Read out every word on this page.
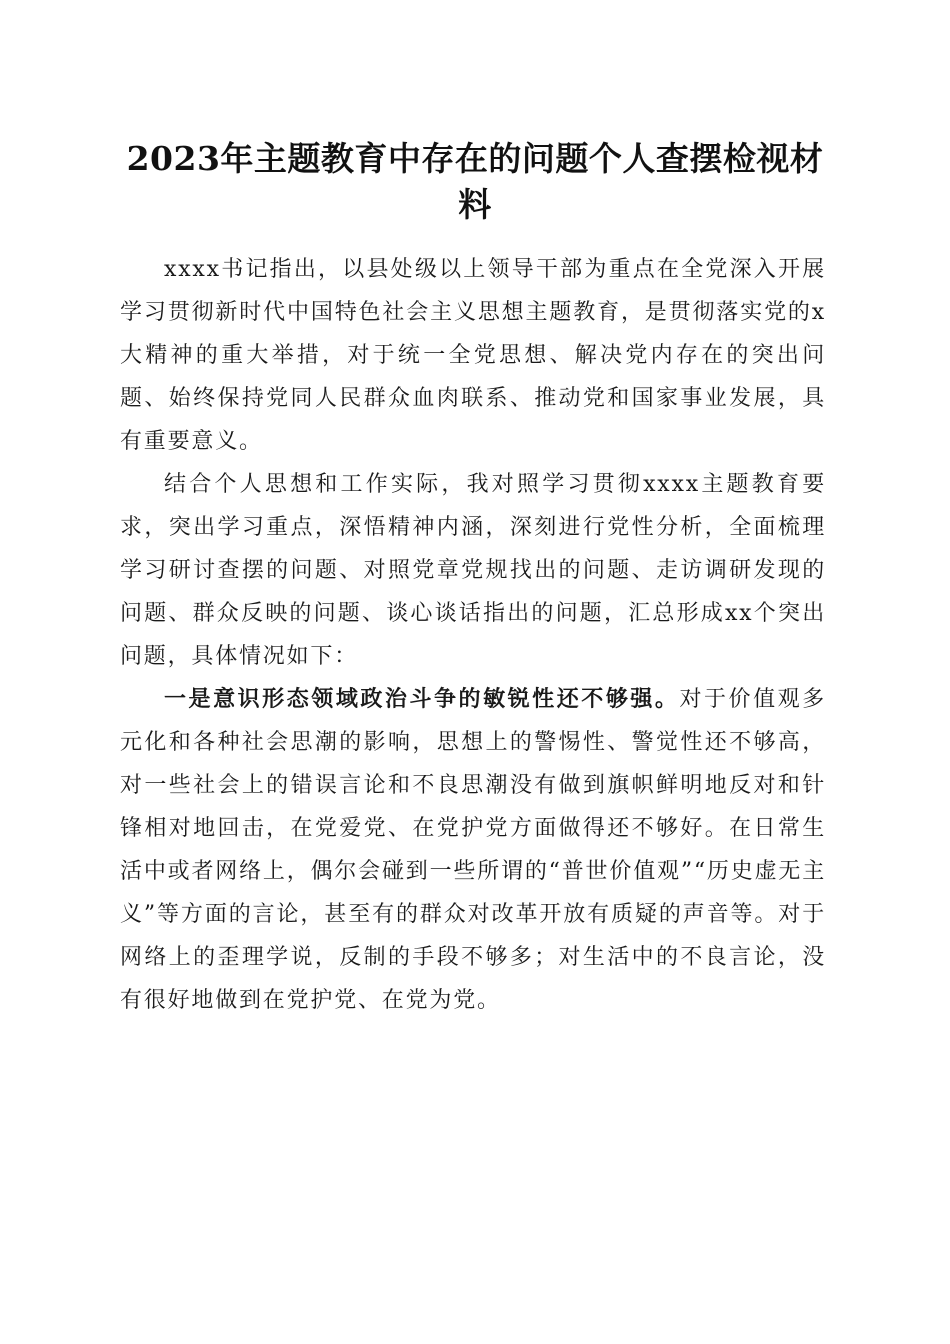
2023年主题教育中存在的问题个人查摆检视材料

xxxx书记指出，以县处级以上领导干部为重点在全党深入开展学习贯彻新时代中国特色社会主义思想主题教育，是贯彻落实党的x大精神的重大举措，对于统一全党思想、解决党内存在的突出问题、始终保持党同人民群众血肉联系、推动党和国家事业发展，具有重要意义。

结合个人思想和工作实际，我对照学习贯彻xxxx主题教育要求，突出学习重点，深悟精神内涵，深刻进行党性分析，全面梳理学习研讨查摆的问题、对照党章党规找出的问题、走访调研发现的问题、群众反映的问题、谈心谈话指出的问题，汇总形成xx个突出问题，具体情况如下：

一是意识形态领域政治斗争的敏锐性还不够强。对于价值观多元化和各种社会思潮的影响，思想上的警惕性、警觉性还不够高，对一些社会上的错误言论和不良思潮没有做到旗帜鲜明地反对和针锋相对地回击，在党爱党、在党护党方面做得还不够好。在日常生活中或者网络上，偶尔会碰到一些所谓的“普世价值观”“历史虚无主义”等方面的言论，甚至有的群众对改革开放有质疑的声音等。对于网络上的歪理学说，反制的手段不够多；对生活中的不良言论，没有很好地做到在党护党、在党为党。
